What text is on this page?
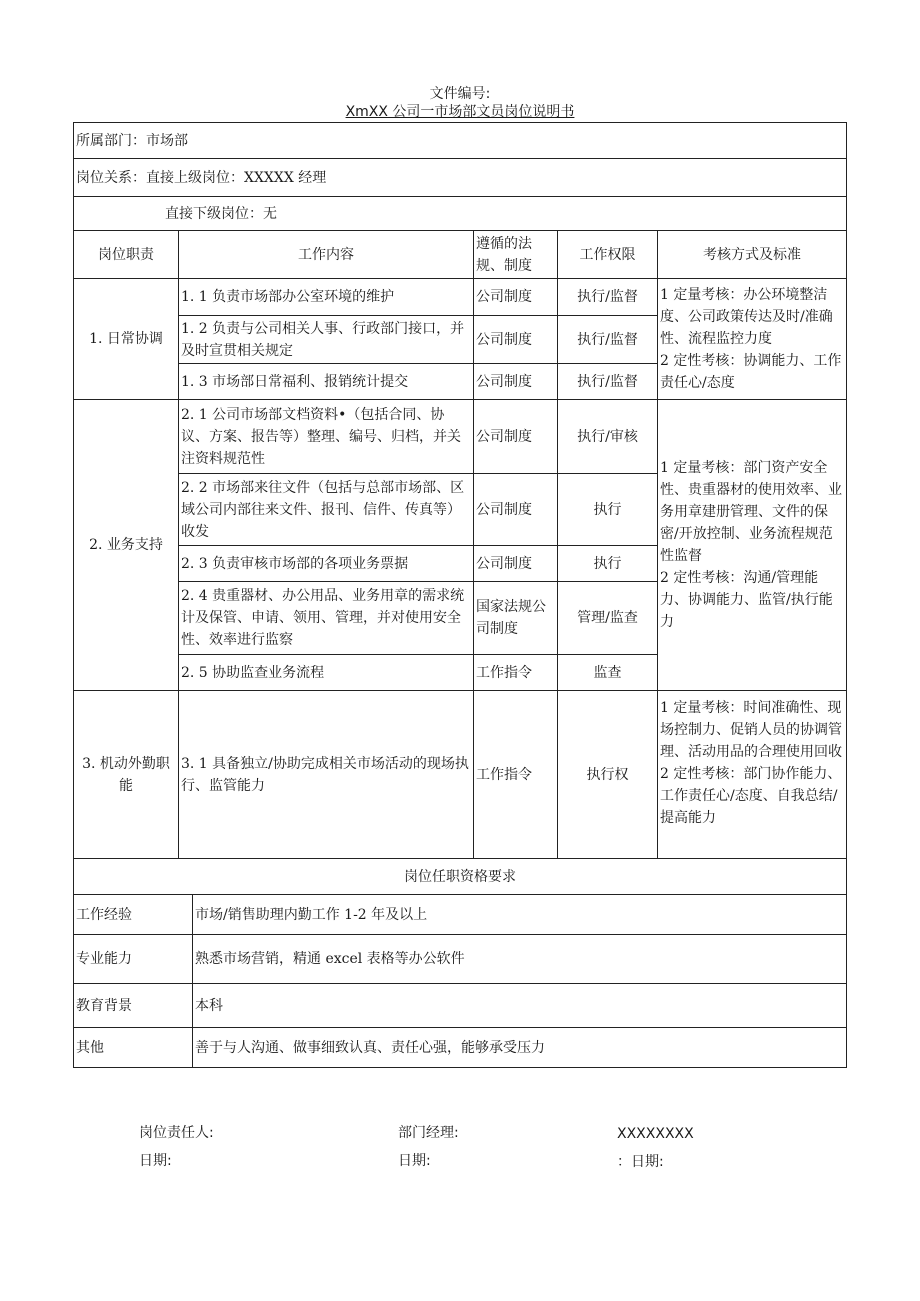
文件编号:
XmXX 公司一市场部文员岗位说明书
所属部门：市场部					
岗位关系：直接上级岗位：XXXXX 经理					
直接下级岗位：无					
岗位职责	工作内容		遵循的法规、制度	工作权限	考核方式及标准
1. 日常协调	1. 1 负责市场部办公室环境的维护		公司制度	执行/监督	1 定量考核：办公环境整洁度、公司政策传达及时/准确性、流程监控力度
2 定性考核：协调能力、工作责任心/态度
	1. 2 负责与公司相关人事、行政部门接口，并及时宣贯相关规定		公司制度	执行/监督	
	1. 3 市场部日常福利、报销统计提交		公司制度	执行/监督	
2. 业务支持	2. 1 公司市场部文档资料•（包括合同、协议、方案、报告等）整理、编号、归档，并关注资料规范性		公司制度	执行/审核	1 定量考核：部门资产安全性、贵重器材的使用效率、业务用章建册管理、文件的保密/开放控制、业务流程规范性监督
2 定性考核：沟通/管理能力、协调能力、监管/执行能力
	2. 2 市场部来往文件（包括与总部市场部、区域公司内部往来文件、报刊、信件、传真等）收发		公司制度	执行	
	2. 3 负责审核市场部的各项业务票据		公司制度	执行	
	2. 4 贵重器材、办公用品、业务用章的需求统计及保管、申请、领用、管理，并对使用安全性、效率进行监察		国家法规公司制度	管理/监查	
	2. 5 协助监查业务流程		工作指令	监查	
3. 机动外勤职能	3. 1 具备独立/协助完成相关市场活动的现场执行、监管能力		工作指令	执行权	1 定量考核：时间准确性、现场控制力、促销人员的协调管理、活动用品的合理使用回收
2 定性考核：部门协作能力、工作责任心/态度、自我总结/提高能力
岗位任职资格要求					
工作经验		市场/销售助理内勤工作 1-2 年及以上			
专业能力		熟悉市场营销，精通 excel 表格等办公软件			
教育背景		本科			
其他		善于与人沟通、做事细致认真、责任心强，能够承受压力			
岗位责任人:	部门经理:	XXXXXXXX
日期:	日期:	：日期:
